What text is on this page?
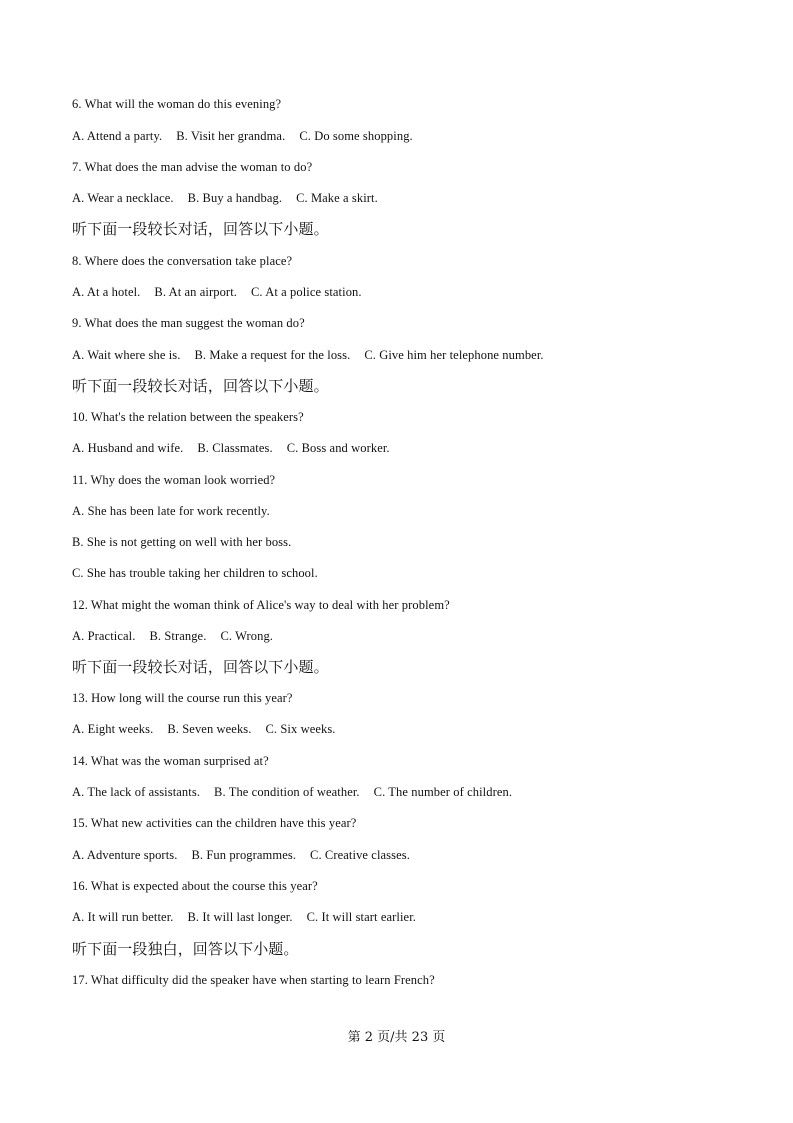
6. What will the woman do this evening?
A. Attend a party. B. Visit her grandma. C. Do some shopping.
7. What does the man advise the woman to do?
A. Wear a necklace. B. Buy a handbag. C. Make a skirt.
听下面一段较长对话，回答以下小题。
8. Where does the conversation take place?
A. At a hotel. B. At an airport. C. At a police station.
9. What does the man suggest the woman do?
A. Wait where she is. B. Make a request for the loss. C. Give him her telephone number.
听下面一段较长对话，回答以下小题。
10. What's the relation between the speakers?
A. Husband and wife. B. Classmates. C. Boss and worker.
11. Why does the woman look worried?
A. She has been late for work recently.
B. She is not getting on well with her boss.
C. She has trouble taking her children to school.
12. What might the woman think of Alice's way to deal with her problem?
A. Practical. B. Strange. C. Wrong.
听下面一段较长对话，回答以下小题。
13. How long will the course run this year?
A. Eight weeks. B. Seven weeks. C. Six weeks.
14. What was the woman surprised at?
A. The lack of assistants. B. The condition of weather. C. The number of children.
15. What new activities can the children have this year?
A. Adventure sports. B. Fun programmes. C. Creative classes.
16. What is expected about the course this year?
A. It will run better. B. It will last longer. C. It will start earlier.
听下面一段独白，回答以下小题。
17. What difficulty did the speaker have when starting to learn French?
第 2 页/共 23 页
